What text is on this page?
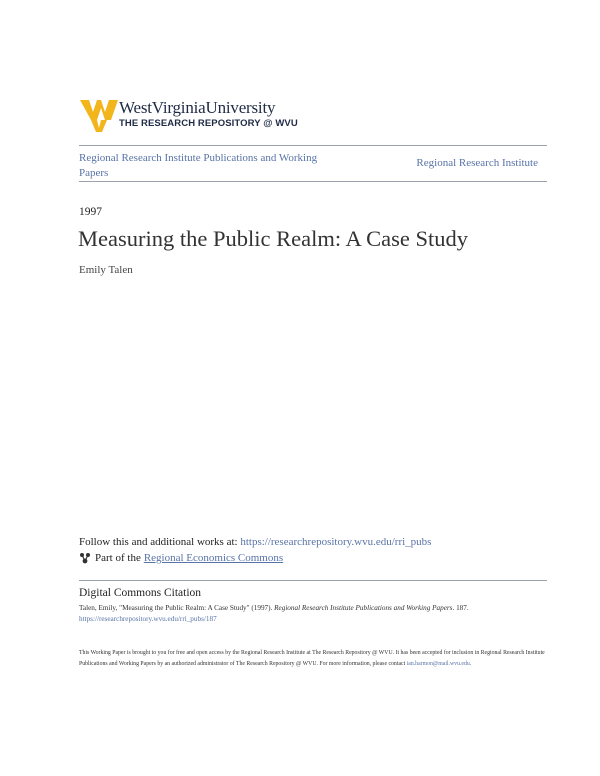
WestVirginiaUniversity
THE RESEARCH REPOSITORY @ WVU
Regional Research Institute Publications and Working Papers
Regional Research Institute
1997
Measuring the Public Realm: A Case Study
Emily Talen
Follow this and additional works at: https://researchrepository.wvu.edu/rri_pubs
Part of the Regional Economics Commons
Digital Commons Citation
Talen, Emily, "Measuring the Public Realm: A Case Study" (1997). Regional Research Institute Publications and Working Papers. 187.
https://researchrepository.wvu.edu/rri_pubs/187
This Working Paper is brought to you for free and open access by the Regional Research Institute at The Research Repository @ WVU. It has been accepted for inclusion in Regional Research Institute Publications and Working Papers by an authorized administrator of The Research Repository @ WVU. For more information, please contact ian.harmon@mail.wvu.edu.
